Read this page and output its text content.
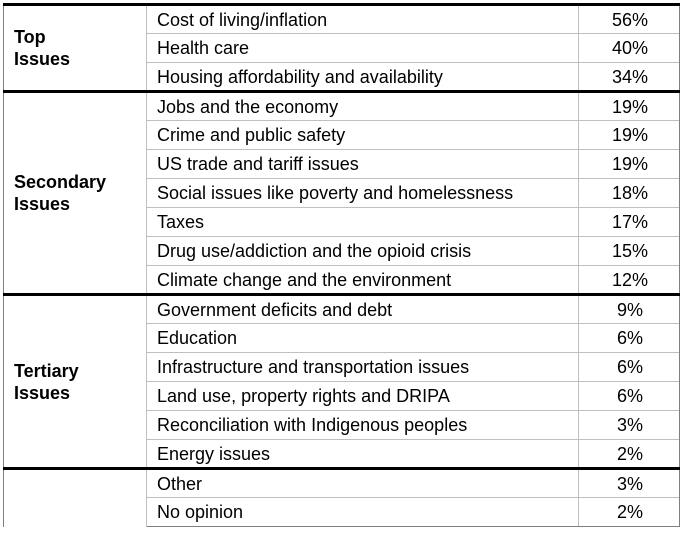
Top
Issues	Cost of living/inflation	56%
	Health care	40%
	Housing affordability and availability	34%

Secondary
Issues	Jobs and the economy	19%
	Crime and public safety	19%
	US trade and tariff issues	19%
	Social issues like poverty and homelessness	18%
	Taxes	17%
	Drug use/addiction and the opioid crisis	15%
	Climate change and the environment	12%

Tertiary
Issues	Government deficits and debt	9%
	Education	6%
	Infrastructure and transportation issues	6%
	Land use, property rights and DRIPA	6%
	Reconciliation with Indigenous peoples	3%
	Energy issues	2%
	Other	3%
	No opinion	2%
